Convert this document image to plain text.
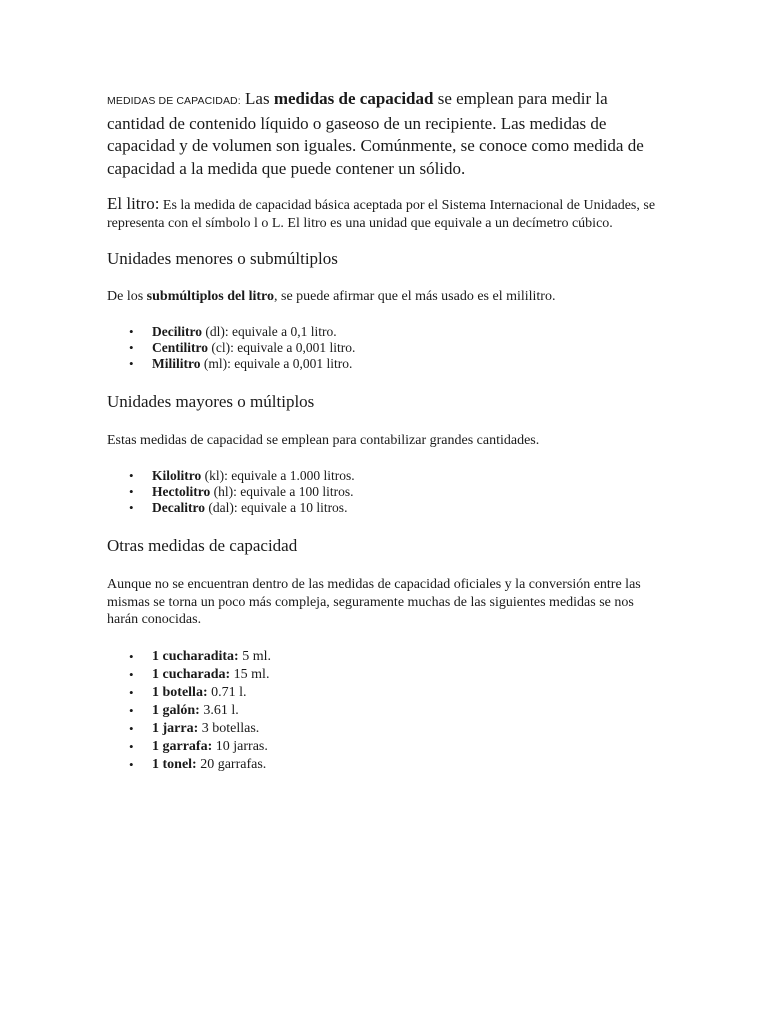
MEDIDAS DE CAPACIDAD: Las medidas de capacidad se emplean para medir la cantidad de contenido líquido o gaseoso de un recipiente. Las medidas de capacidad y de volumen son iguales. Comúnmente, se conoce como medida de capacidad a la medida que puede contener un sólido.

El litro: Es la medida de capacidad básica aceptada por el Sistema Internacional de Unidades, se representa con el símbolo l o L. El litro es una unidad que equivale a un decímetro cúbico.

Unidades menores o submúltiplos

De los submúltiplos del litro, se puede afirmar que el más usado es el mililitro.

• Decilitro (dl): equivale a 0,1 litro.
• Centilitro (cl): equivale a 0,001 litro.
• Mililitro (ml): equivale a 0,001 litro.
Unidades mayores o múltiplos

Estas medidas de capacidad se emplean para contabilizar grandes cantidades.

• Kilolitro (kl): equivale a 1.000 litros.
• Hectolitro (hl): equivale a 100 litros.
• Decalitro (dal): equivale a 10 litros.
Otras medidas de capacidad

Aunque no se encuentran dentro de las medidas de capacidad oficiales y la conversión entre las mismas se torna un poco más compleja, seguramente muchas de las siguientes medidas se nos harán conocidas.

• 1 cucharadita: 5 ml.
• 1 cucharada: 15 ml.
• 1 botella: 0.71 l.
• 1 galón: 3.61 l.
• 1 jarra: 3 botellas.
• 1 garrafa: 10 jarras.
• 1 tonel: 20 garrafas.
